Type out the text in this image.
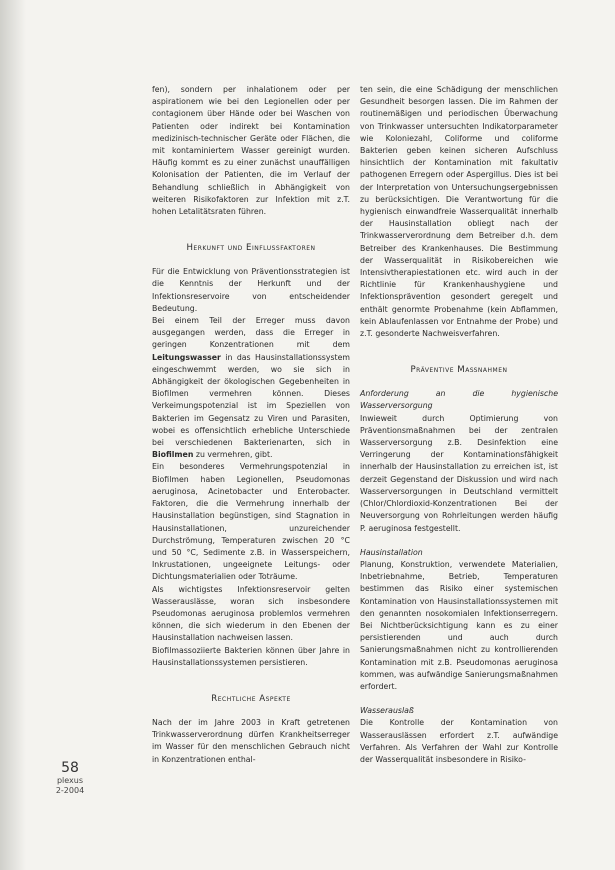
fen), sondern per inhalationem oder per aspirationem wie bei den Legionellen oder per contagionem über Hände oder bei Waschen von Patienten oder indirekt bei Kontamination medizinisch-technischer Geräte oder Flächen, die mit kontaminiertem Wasser gereinigt wurden. Häufig kommt es zu einer zunächst unauffälligen Kolonisation der Patienten, die im Verlauf der Behandlung schließlich in Abhängigkeit von weiteren Risikofaktoren zur Infektion mit z.T. hohen Letalitätsraten führen.

Herkunft und Einflussfaktoren

Für die Entwicklung von Präventionsstrategien ist die Kenntnis der Herkunft und der Infektionsreservoire von entscheidender Bedeutung.

Bei einem Teil der Erreger muss davon ausgegangen werden, dass die Erreger in geringen Konzentrationen mit dem Leitungswasser in das Hausinstallationssystem eingeschwemmt werden, wo sie sich in Abhängigkeit der ökologischen Gegebenheiten in Biofilmen vermehren können. Dieses Verkeimungspotenzial ist im Speziellen von Bakterien im Gegensatz zu Viren und Parasiten, wobei es offensichtlich erhebliche Unterschiede bei verschiedenen Bakterienarten, sich in Biofilmen zu vermehren, gibt.

Ein besonderes Vermehrungspotenzial in Biofilmen haben Legionellen, Pseudomonas aeruginosa, Acinetobacter und Enterobacter. Faktoren, die die Vermehrung innerhalb der Hausinstallation begünstigen, sind Stagnation in Hausinstallationen, unzureichender Durchströmung, Temperaturen zwischen 20 °C und 50 °C, Sedimente z.B. in Wasserspeichern, Inkrustationen, ungeeignete Leitungs- oder Dichtungsmaterialien oder Toträume.

Als wichtigstes Infektionsreservoir gelten Wasserauslässe, woran sich insbesondere Pseudomonas aeruginosa problemlos vermehren können, die sich wiederum in den Ebenen der Hausinstallation nachweisen lassen.

Biofilmassoziierte Bakterien können über Jahre in Hausinstallationssystemen persistieren.

Rechtliche Aspekte

Nach der im Jahre 2003 in Kraft getretenen Trinkwasserverordnung dürfen Krankheitserreger im Wasser für den menschlichen Gebrauch nicht in Konzentrationen enthal-

ten sein, die eine Schädigung der menschlichen Gesundheit besorgen lassen. Die im Rahmen der routinemäßigen und periodischen Überwachung von Trinkwasser untersuchten Indikatorparameter wie Koloniezahl, Coliforme und coliforme Bakterien geben keinen sicheren Aufschluss hinsichtlich der Kontamination mit fakultativ pathogenen Erregern oder Aspergillus. Dies ist bei der Interpretation von Untersuchungsergebnissen zu berücksichtigen. Die Verantwortung für die hygienisch einwandfreie Wasserqualität innerhalb der Hausinstallation obliegt nach der Trinkwasserverordnung dem Betreiber d.h. dem Betreiber des Krankenhauses. Die Bestimmung der Wasserqualität in Risikobereichen wie Intensivtherapiestationen etc. wird auch in der Richtlinie für Krankenhaushygiene und Infektionsprävention gesondert geregelt und enthält genormte Probenahme (kein Abflammen, kein Ablaufenlassen vor Entnahme der Probe) und z.T. gesonderte Nachweisverfahren.

Präventive Maßnahmen

Anforderung an die hygienische Wasserversorgung

Inwieweit durch Optimierung von Präventionsmaßnahmen bei der zentralen Wasserversorgung z.B. Desinfektion eine Verringerung der Kontaminationsfähigkeit innerhalb der Hausinstallation zu erreichen ist, ist derzeit Gegenstand der Diskussion und wird nach Wasserversorgungen in Deutschland vermittelt (Chlor/Chlordioxid-Konzentrationen Bei der Neuversorgung von Rohrleitungen werden häufig P. aeruginosa festgestellt.

Hausinstallation

Planung, Konstruktion, verwendete Materialien, Inbetriebnahme, Betrieb, Temperaturen bestimmen das Risiko einer systemischen Kontamination von Hausinstallationssystemen mit den genannten nosokomialen Infektionserregern. Bei Nichtberücksichtigung kann es zu einer persistierenden und auch durch Sanierungsmaßnahmen nicht zu kontrollierenden Kontamination mit z.B. Pseudomonas aeruginosa kommen, was aufwändige Sanierungsmaßnahmen erfordert.

Wasserauslaß

Die Kontrolle der Kontamination von Wasserauslässen erfordert z.T. aufwändige Verfahren. Als Verfahren der Wahl zur Kontrolle der Wasserqualität insbesondere in Risiko-

58
plexus
2-2004
